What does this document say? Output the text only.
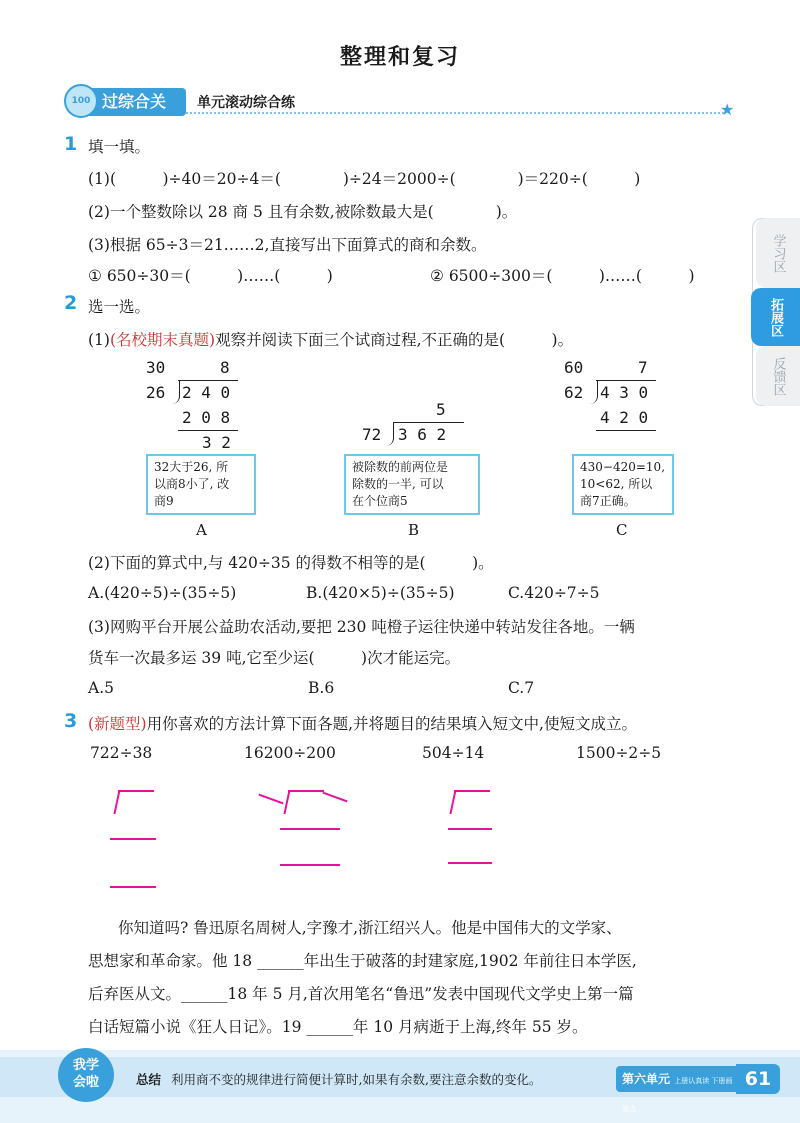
整理和复习
过综合关
100	单元滚动综合练	★
学习区
拓展区
反馈区
1 填一填。
(1)(　　　)÷40＝20÷4＝(　　　　)÷24＝2000÷(　　　　)＝220÷(　　　)
(2)一个整数除以 28 商 5 且有余数,被除数最大是(　　　　)。
(3)根据 65÷3＝21……2,直接写出下面算式的商和余数。
① 650÷30＝(　　　)……(　　　)	② 6500÷300＝(　　　)……(　　　)
2 选一选。
(1)(名校期末真题)观察并阅读下面三个试商过程,不正确的是(　　　)。
30	8
26 2 4 0
2 0 8
3 2
5
72 3 6 2
60	7
62 4 3 0
4 2 0
32大于26, 所
以商8小了, 改
商9
被除数的前两位是
除数的一半, 可以
在个位商5
430−420=10,
10<62, 所以
商7正确。
A	B	C
(2)下面的算式中,与 420÷35 的得数不相等的是(　　　)。
A.(420÷5)÷(35÷5)	B.(420×5)÷(35÷5)	C.420÷7÷5
(3)网购平台开展公益助农活动,要把 230 吨橙子运往快递中转站发往各地。一辆
货车一次最多运 39 吨,它至少运(　　　)次才能运完。
A.5	B.6	C.7
3 (新题型)用你喜欢的方法计算下面各题,并将题目的结果填入短文中,使短文成立。
722÷38	16200÷200	504÷14	1500÷2÷5
你知道吗? 鲁迅原名周树人,字豫才,浙江绍兴人。他是中国伟大的文学家、
思想家和革命家。他 18 ______年出生于破落的封建家庭,1902 年前往日本学医,
后弃医从文。______18 年 5 月,首次用笔名“鲁迅”发表中国现代文学史上第一篇
白话短篇小说《狂人日记》。19 ______年 10 月病逝于上海,终年 55 岁。
我学
会啦	总结 利用商不变的规律进行简便计算时,如果有余数,要注意余数的变化。	第六单元 上册认真读 下册画重点
61
